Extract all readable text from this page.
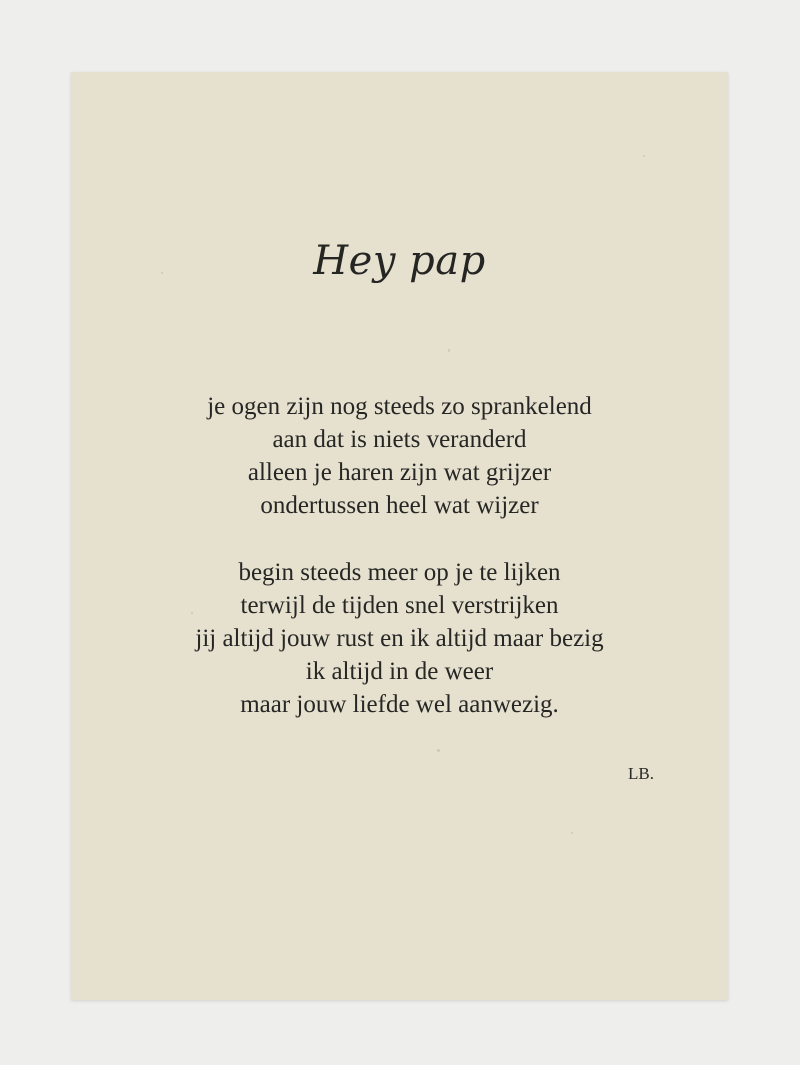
Hey pap
je ogen zijn nog steeds zo sprankelend
aan dat is niets veranderd
alleen je haren zijn wat grijzer
ondertussen heel wat wijzer
begin steeds meer op je te lijken
terwijl de tijden snel verstrijken
jij altijd jouw rust en ik altijd maar bezig
ik altijd in de weer
maar jouw liefde wel aanwezig.
LB.
